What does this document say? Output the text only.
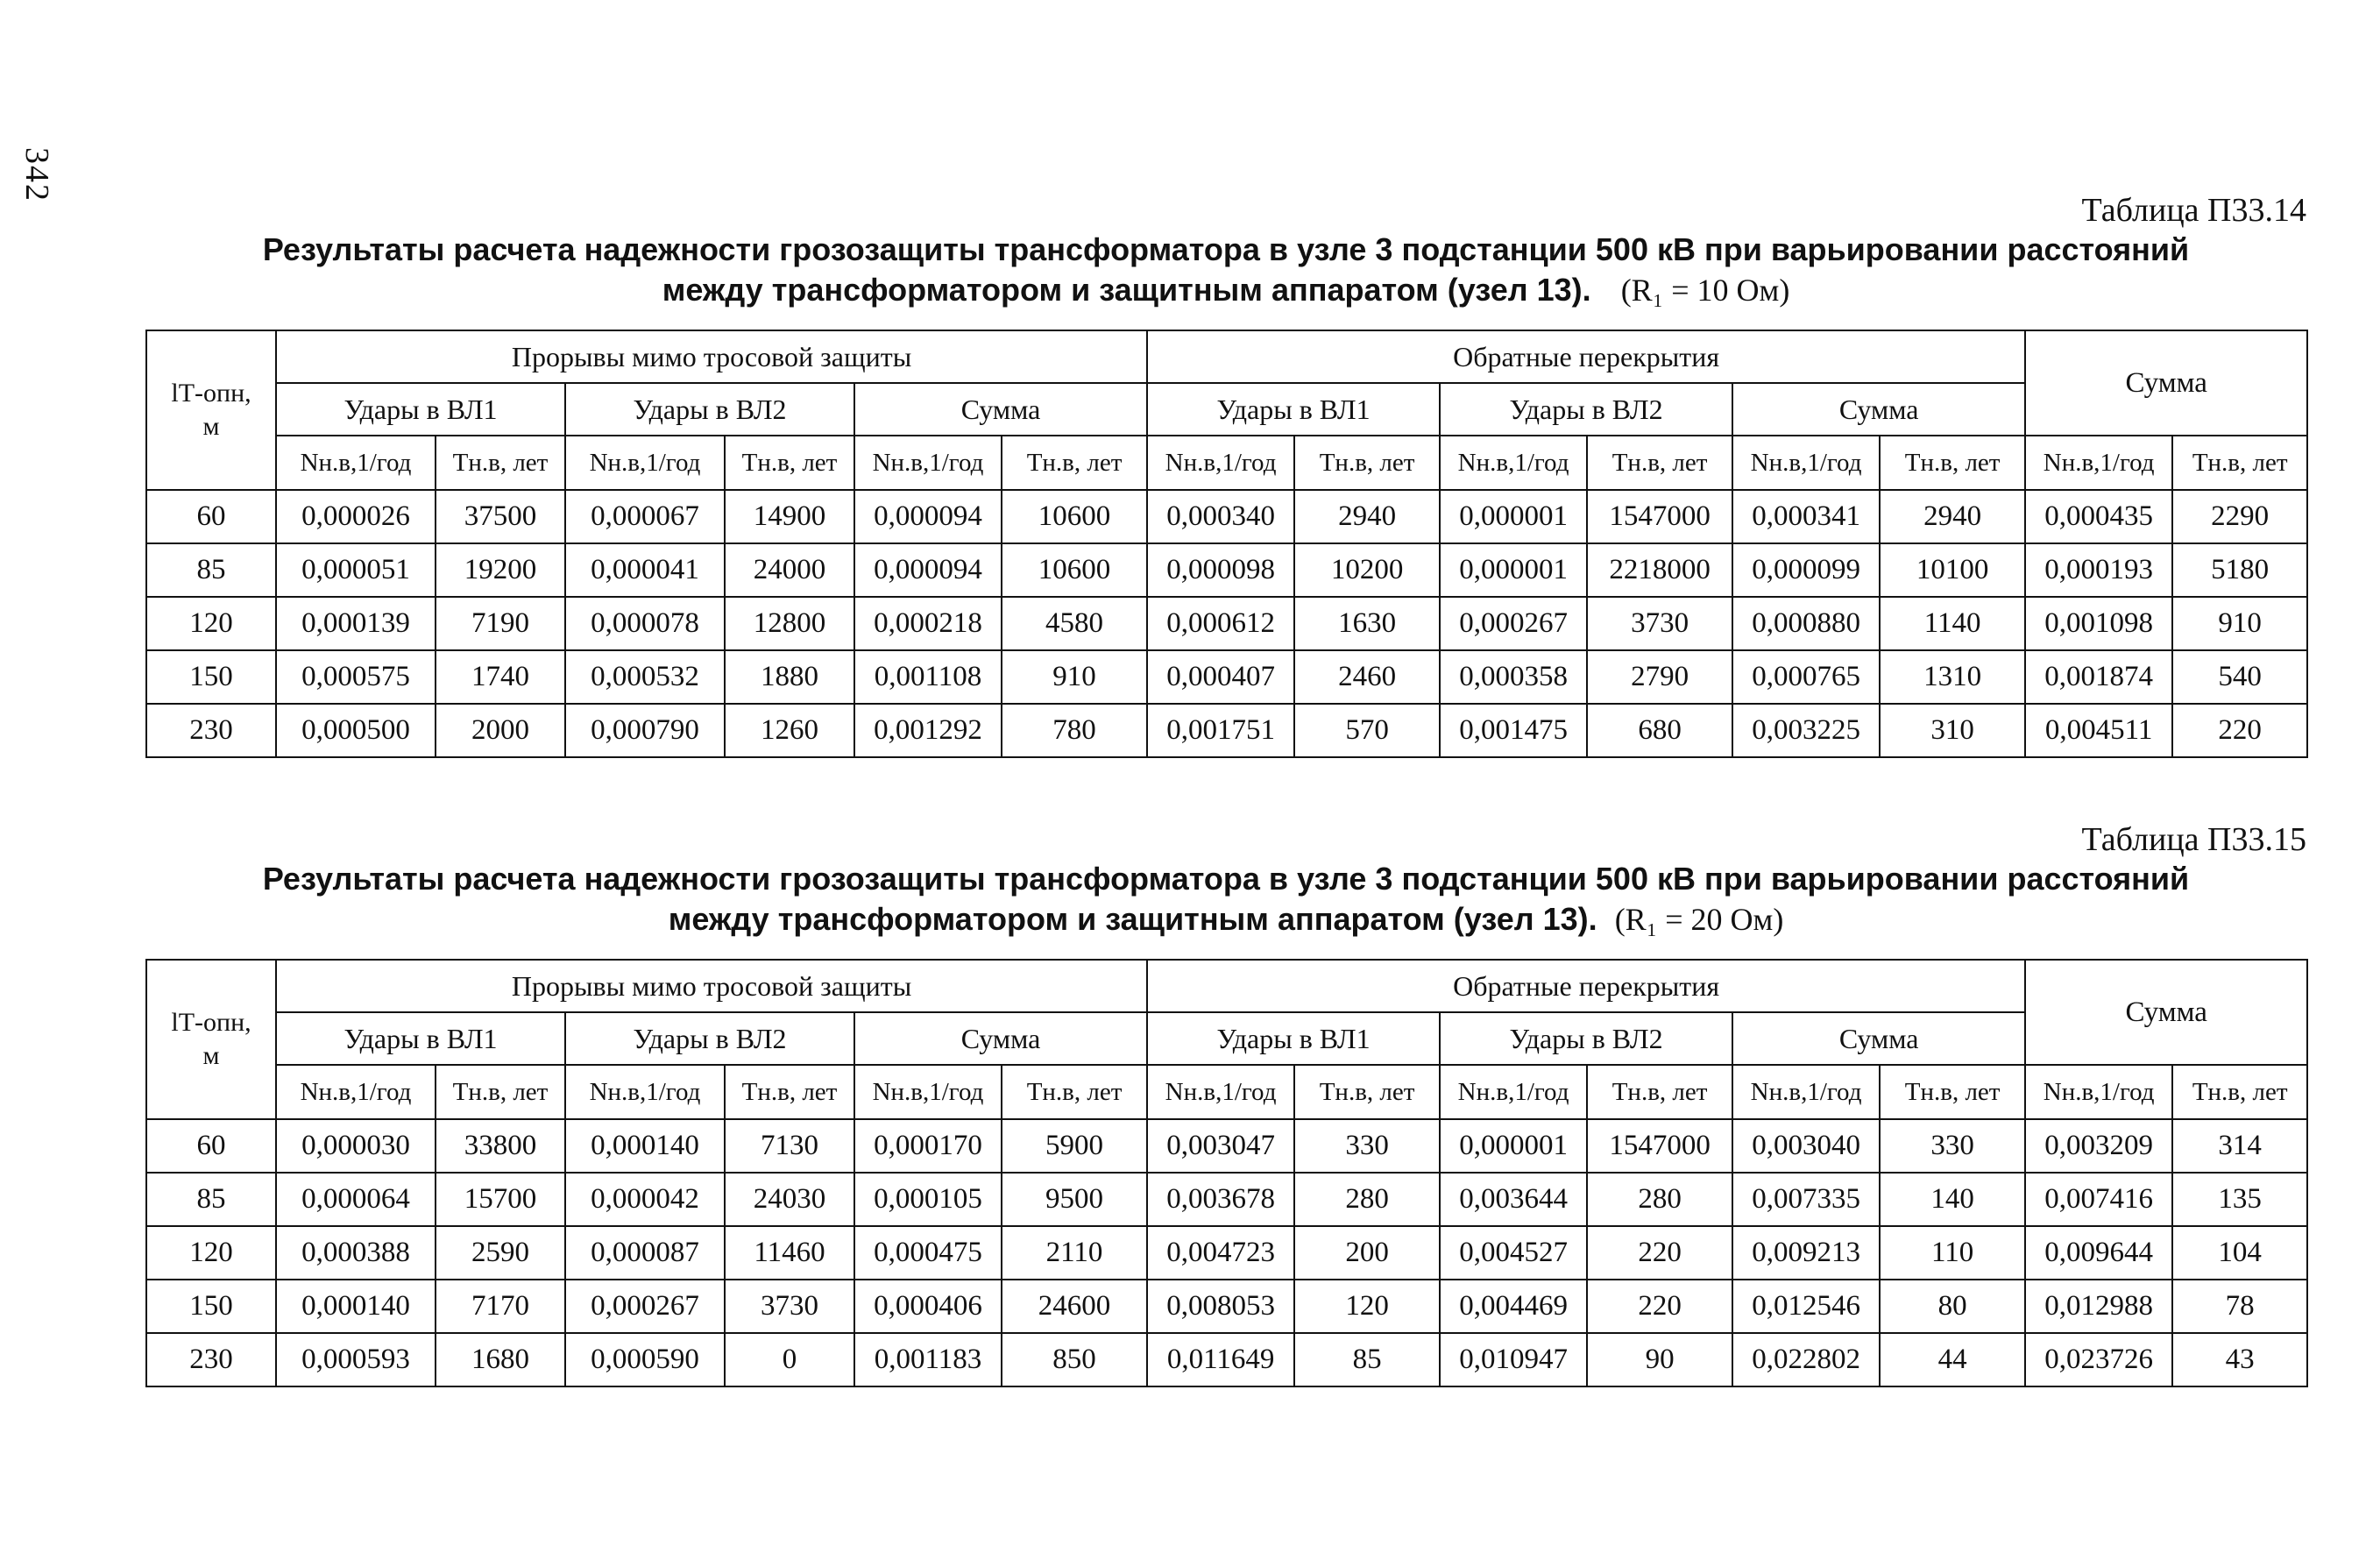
342
Таблица П33.14
Результаты расчета надежности грозозащиты трансформатора в узле 3 подстанции 500 кВ при варьировании расстояний
между трансформатором и защитным аппаратом (узел 13). (R₁ = 10 Ом)
lТ-опн,
м	Прорывы мимо тросовой защиты						Обратные перекрытия						Сумма	
	Удары в ВЛ1		Удары в ВЛ2		Сумма		Удары в ВЛ1		Удары в ВЛ2		Сумма			
	Nн.в,1/год	Tн.в, лет	Nн.в,1/год	Tн.в, лет	Nн.в,1/год	Tн.в, лет	Nн.в,1/год	Tн.в, лет	Nн.в,1/год	Tн.в, лет	Nн.в,1/год	Tн.в, лет	Nн.в,1/год	Tн.в, лет
60	0,000026	37500	0,000067	14900	0,000094	10600	0,000340	2940	0,000001	1547000	0,000341	2940	0,000435	2290
85	0,000051	19200	0,000041	24000	0,000094	10600	0,000098	10200	0,000001	2218000	0,000099	10100	0,000193	5180
120	0,000139	7190	0,000078	12800	0,000218	4580	0,000612	1630	0,000267	3730	0,000880	1140	0,001098	910
150	0,000575	1740	0,000532	1880	0,001108	910	0,000407	2460	0,000358	2790	0,000765	1310	0,001874	540
230	0,000500	2000	0,000790	1260	0,001292	780	0,001751	570	0,001475	680	0,003225	310	0,004511	220
Таблица П33.15
Результаты расчета надежности грозозащиты трансформатора в узле 3 подстанции 500 кВ при варьировании расстояний
между трансформатором и защитным аппаратом (узел 13). (R₁ = 20 Ом)
lТ-опн,
м	Прорывы мимо тросовой защиты						Обратные перекрытия						Сумма	
	Удары в ВЛ1		Удары в ВЛ2		Сумма		Удары в ВЛ1		Удары в ВЛ2		Сумма			
	Nн.в,1/год	Tн.в, лет	Nн.в,1/год	Tн.в, лет	Nн.в,1/год	Tн.в, лет	Nн.в,1/год	Tн.в, лет	Nн.в,1/год	Tн.в, лет	Nн.в,1/год	Tн.в, лет	Nн.в,1/год	Tн.в, лет
60	0,000030	33800	0,000140	7130	0,000170	5900	0,003047	330	0,000001	1547000	0,003040	330	0,003209	314
85	0,000064	15700	0,000042	24030	0,000105	9500	0,003678	280	0,003644	280	0,007335	140	0,007416	135
120	0,000388	2590	0,000087	11460	0,000475	2110	0,004723	200	0,004527	220	0,009213	110	0,009644	104
150	0,000140	7170	0,000267	3730	0,000406	24600	0,008053	120	0,004469	220	0,012546	80	0,012988	78
230	0,000593	1680	0,000590	0	0,001183	850	0,011649	85	0,010947	90	0,022802	44	0,023726	43
